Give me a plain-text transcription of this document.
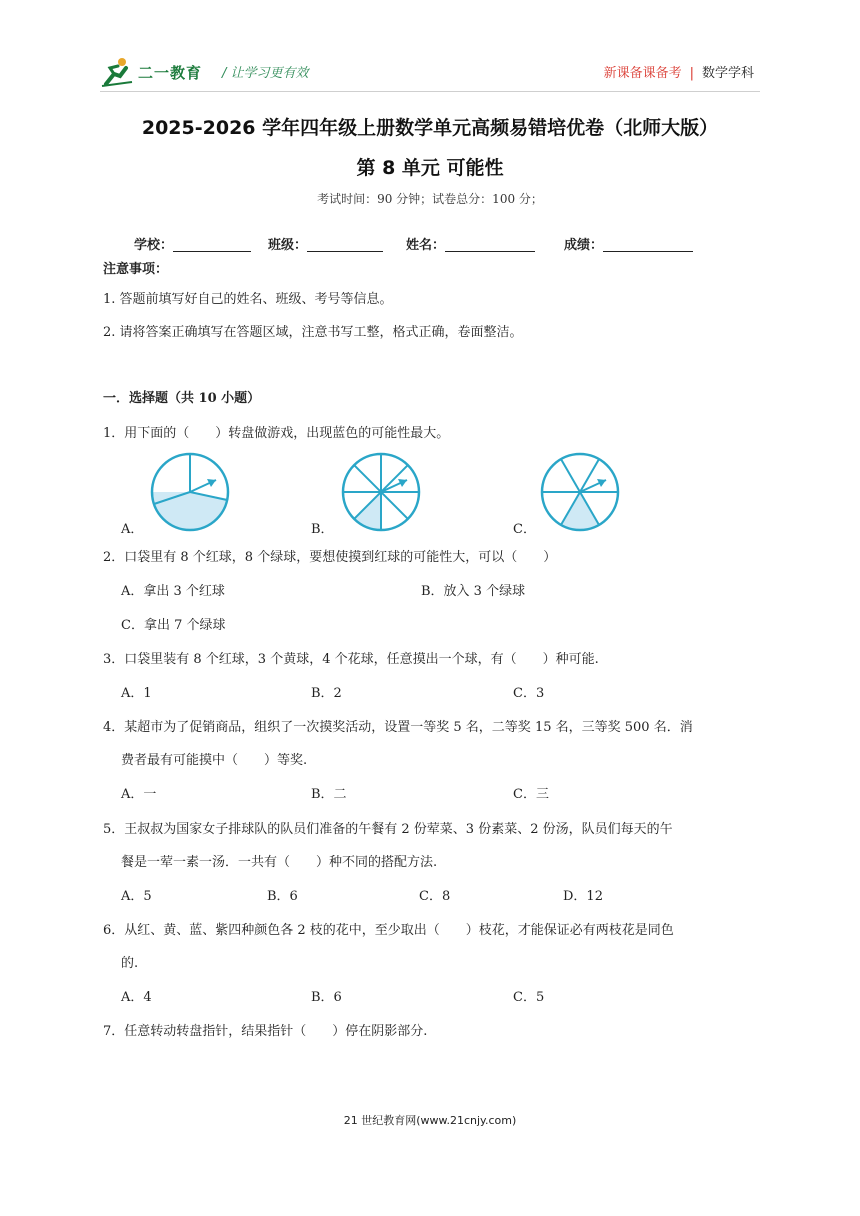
二一教育 / 让学习更有效	新课备课备考 | 数学学科
2025-2026 学年四年级上册数学单元高频易错培优卷（北师大版）
第 8 单元 可能性
考试时间：90 分钟；试卷总分：100 分；
学校：	班级：	姓名：	成绩：
注意事项：
1. 答题前填写好自己的姓名、班级、考号等信息。
2. 请将答案正确填写在答题区域，注意书写工整，格式正确，卷面整洁。
一．选择题（共 10 小题）
1．用下面的（　　）转盘做游戏，出现蓝色的可能性最大。
A．	B．	C．
2．口袋里有 8 个红球，8 个绿球，要想使摸到红球的可能性大，可以（　　）
A．拿出 3 个红球	B．放入 3 个绿球
C．拿出 7 个绿球
3．口袋里装有 8 个红球，3 个黄球，4 个花球，任意摸出一个球，有（　　）种可能.
A．1	B．2	C．3
4．某超市为了促销商品，组织了一次摸奖活动，设置一等奖 5 名，二等奖 15 名，三等奖 500 名．消
费者最有可能摸中（　　）等奖.
A．一	B．二	C．三
5．王叔叔为国家女子排球队的队员们准备的午餐有 2 份荤菜、3 份素菜、2 份汤，队员们每天的午
餐是一荤一素一汤．一共有（　　）种不同的搭配方法.
A．5	B．6	C．8	D．12
6．从红、黄、蓝、紫四种颜色各 2 枝的花中，至少取出（　　）枝花，才能保证必有两枝花是同色
的.
A．4	B．6	C．5
7．任意转动转盘指针，结果指针（　　）停在阴影部分.
21 世纪教育网(www.21cnjy.com)
